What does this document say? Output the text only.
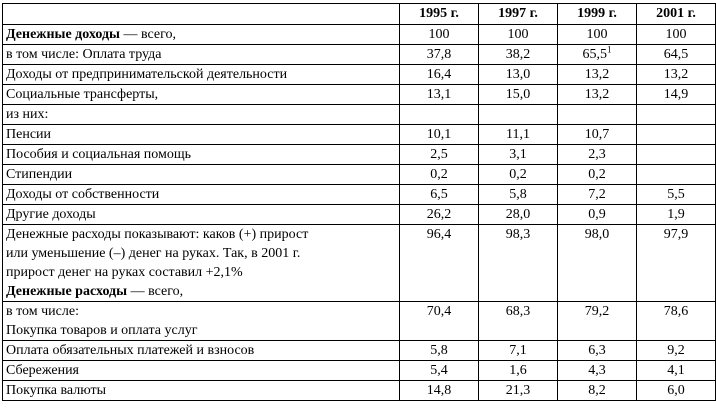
	1995 г.	1997 г.	1999 г.	2001 г.
Денежные доходы — всего,	100	100	100	100
в том числе: Оплата труда	37,8	38,2	65,5$^1$	64,5
Доходы от предпринимательской деятельности	16,4	13,0	13,2	13,2
Социальные трансферты,	13,1	15,0	13,2	14,9
из них:				
Пенсии	10,1	11,1	10,7	
Пособия и социальная помощь	2,5	3,1	2,3	
Стипендии	0,2	0,2	0,2	
Доходы от собственности	6,5	5,8	7,2	5,5
Другие доходы	26,2	28,0	0,9	1,9

Денежные расходы показывают: каков (+) прирост
или уменьшение (–) денег на руках. Так, в 2001 г.
прирост денег на руках составил +2,1%
Денежные расходы — всего,	96,4	98,3	98,0	97,9

в том числе:
Покупка товаров и оплата услуг	70,4	68,3	79,2	78,6
Оплата обязательных платежей и взносов	5,8	7,1	6,3	9,2
Сбережения	5,4	1,6	4,3	4,1
Покупка валюты	14,8	21,3	8,2	6,0
